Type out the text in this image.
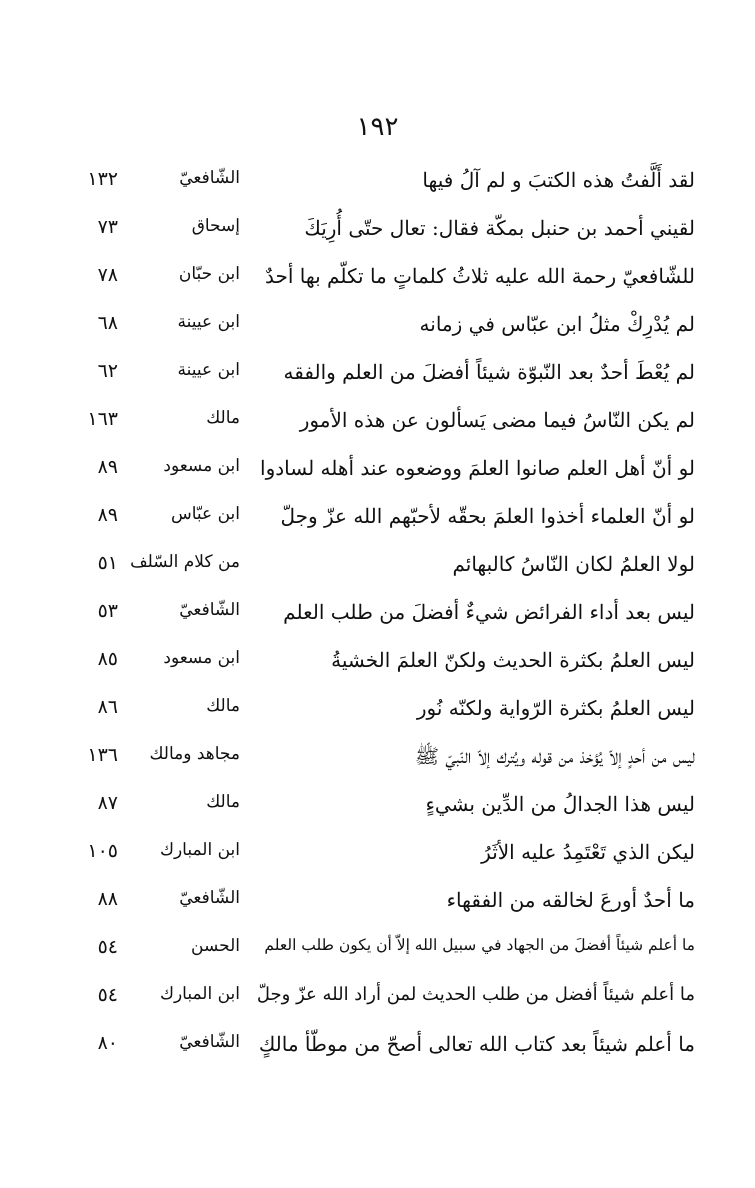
١٩٢
لقد أَلَّفتُ هذه الكتبَ و لم آلُ فيها
الشّافعيّ
١٣٢
لقيني أحمد بن حنبل بمكّة فقال: تعال حتّى أُرِيَكَ
إسحاق
٧٣
للشّافعيّ رحمة الله عليه ثلاثُ كلماتٍ ما تكلّم بها أحدٌ
ابن حبّان
٧٨
لم يُدْرِكْ مثلُ ابن عبّاس في زمانه
ابن عيينة
٦٨
لم يُعْطَ أحدٌ بعد النّبوّة شيئاً أفضلَ من العلم والفقه
ابن عيينة
٦٢
لم يكن النّاسُ فيما مضى يَسألون عن هذه الأمور
مالك
١٦٣
لو أنّ أهل العلم صانوا العلمَ ووضعوه عند أهله لسادوا
ابن مسعود
٨٩
لو أنّ العلماء أخذوا العلمَ بحقّه لأحبّهم الله عزّ وجلّ
ابن عبّاس
٨٩
لولا العلمُ لكان النّاسُ كالبهائم
من كلام السّلف
٥١
ليس بعد أداء الفرائض شيءٌ أفضلَ من طلب العلم
الشّافعيّ
٥٣
ليس العلمُ بكثرة الحديث ولكنّ العلمَ الخشيةُ
ابن مسعود
٨٥
ليس العلمُ بكثرة الرّواية ولكنّه نُور
مالك
٨٦
ليس من أحدٍ إلاّ يُؤخذ من قوله ويُترك إلاّ النّبيّ ﷺ
مجاهد ومالك
١٣٦
ليس هذا الجدالُ من الدِّين بشيءٍ
مالك
٨٧
ليكن الذي تَعْتَمِدُ عليه الأثَرُ
ابن المبارك
١٠٥
ما أحدٌ أورعَ لخالقه من الفقهاء
الشّافعيّ
٨٨
ما أعلم شيئاً أفضلَ من الجهاد في سبيل الله إلاّ أن يكون طلب العلم
الحسن
٥٤
ما أعلم شيئاً أفضل من طلب الحديث لمن أراد الله عزّ وجلّ
ابن المبارك
٥٤
ما أعلم شيئاً بعد كتاب الله تعالى أصحّ من موطّأ مالكٍ
الشّافعيّ
٨٠
